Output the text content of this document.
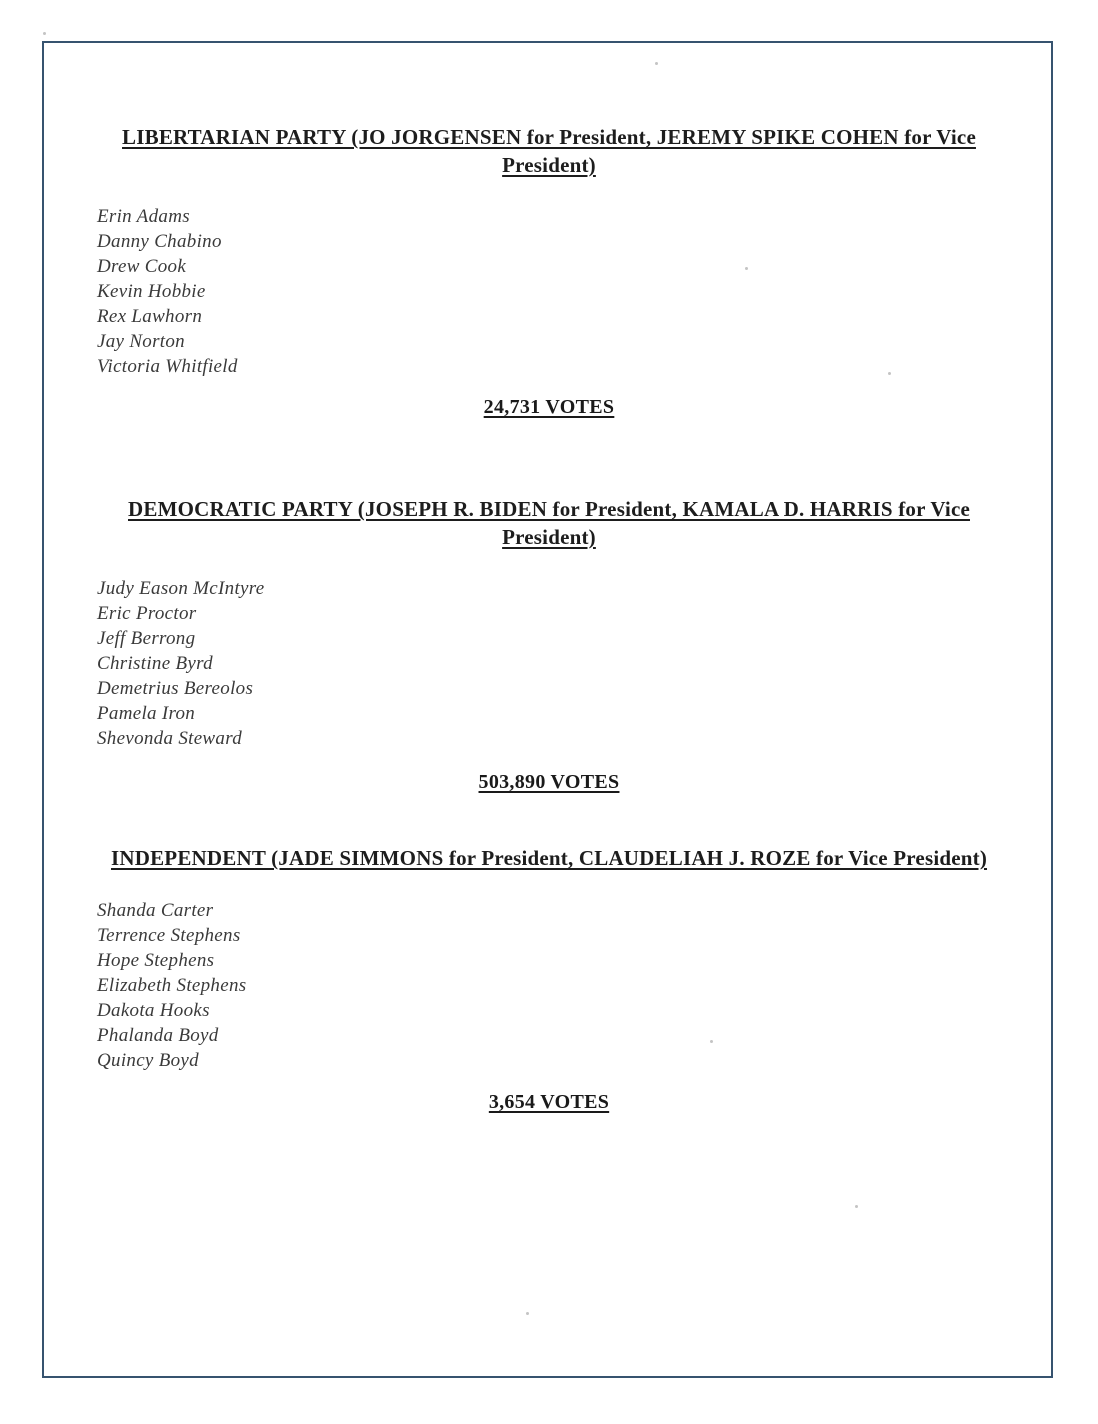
LIBERTARIAN PARTY (JO JORGENSEN for President, JEREMY SPIKE COHEN for Vice President)
Erin Adams
Danny Chabino
Drew Cook
Kevin Hobbie
Rex Lawhorn
Jay Norton
Victoria Whitfield
24,731 VOTES
DEMOCRATIC PARTY (JOSEPH R. BIDEN for President, KAMALA D. HARRIS for Vice President)
Judy Eason McIntyre
Eric Proctor
Jeff Berrong
Christine Byrd
Demetrius Bereolos
Pamela Iron
Shevonda Steward
503,890 VOTES
INDEPENDENT (JADE SIMMONS for President, CLAUDELIAH J. ROZE for Vice President)
Shanda Carter
Terrence Stephens
Hope Stephens
Elizabeth Stephens
Dakota Hooks
Phalanda Boyd
Quincy Boyd
3,654 VOTES
